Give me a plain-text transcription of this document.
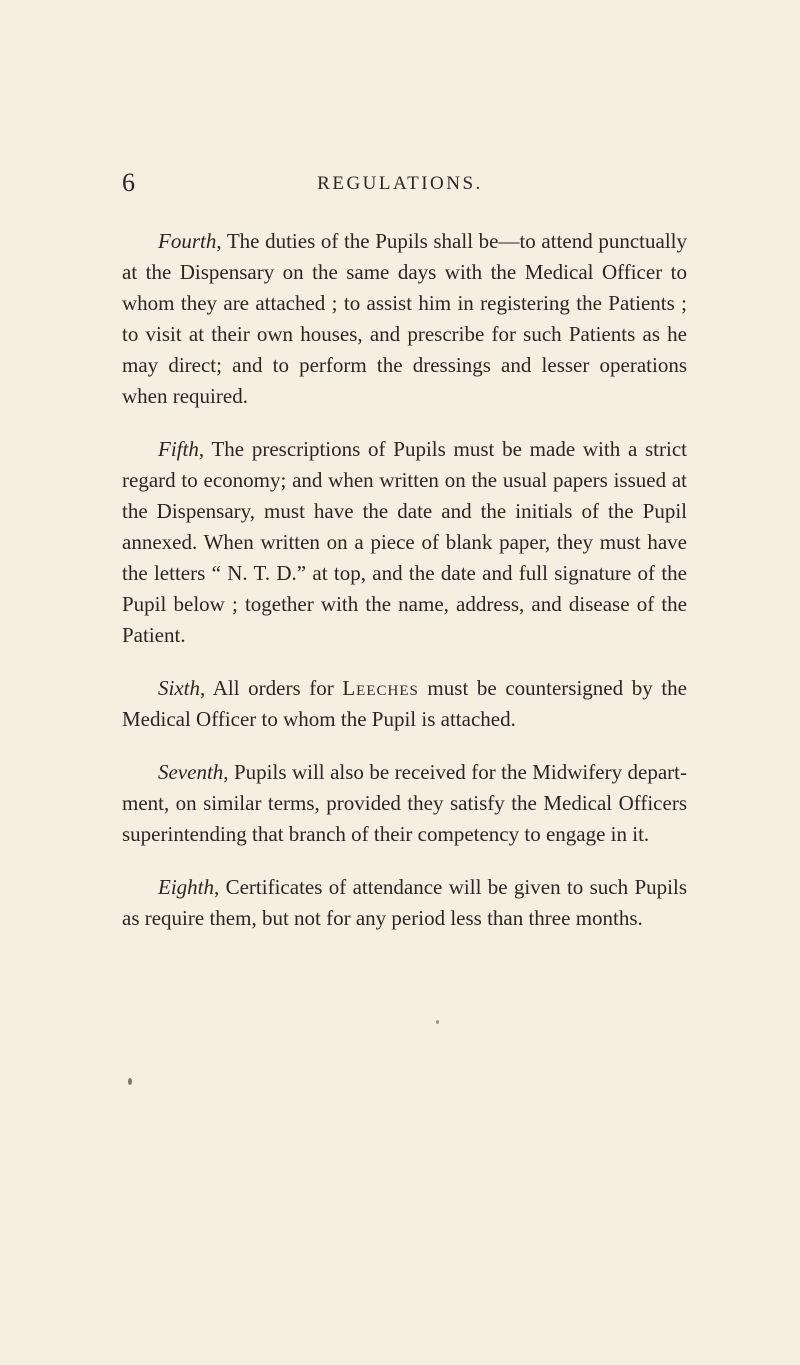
6	REGULATIONS.

Fourth, The duties of the Pupils shall be—to attend punctually at the Dispensary on the same days with the Medical Officer to whom they are attached ; to assist him in registering the Patients ; to visit at their own houses, and prescribe for such Patients as he may direct; and to perform the dressings and lesser operations when required.

Fifth, The prescriptions of Pupils must be made with a strict regard to economy; and when written on the usual papers issued at the Dispensary, must have the date and the initials of the Pupil annexed. When written on a piece of blank paper, they must have the letters “ N. T. D.” at top, and the date and full signature of the Pupil below ; together with the name, address, and disease of the Patient.

Sixth, All orders for Leeches must be countersigned by the Medical Officer to whom the Pupil is attached.

Seventh, Pupils will also be received for the Midwifery department, on similar terms, provided they satisfy the Medical Officers superintending that branch of their competency to engage in it.

Eighth, Certificates of attendance will be given to such Pupils as require them, but not for any period less than three months.
